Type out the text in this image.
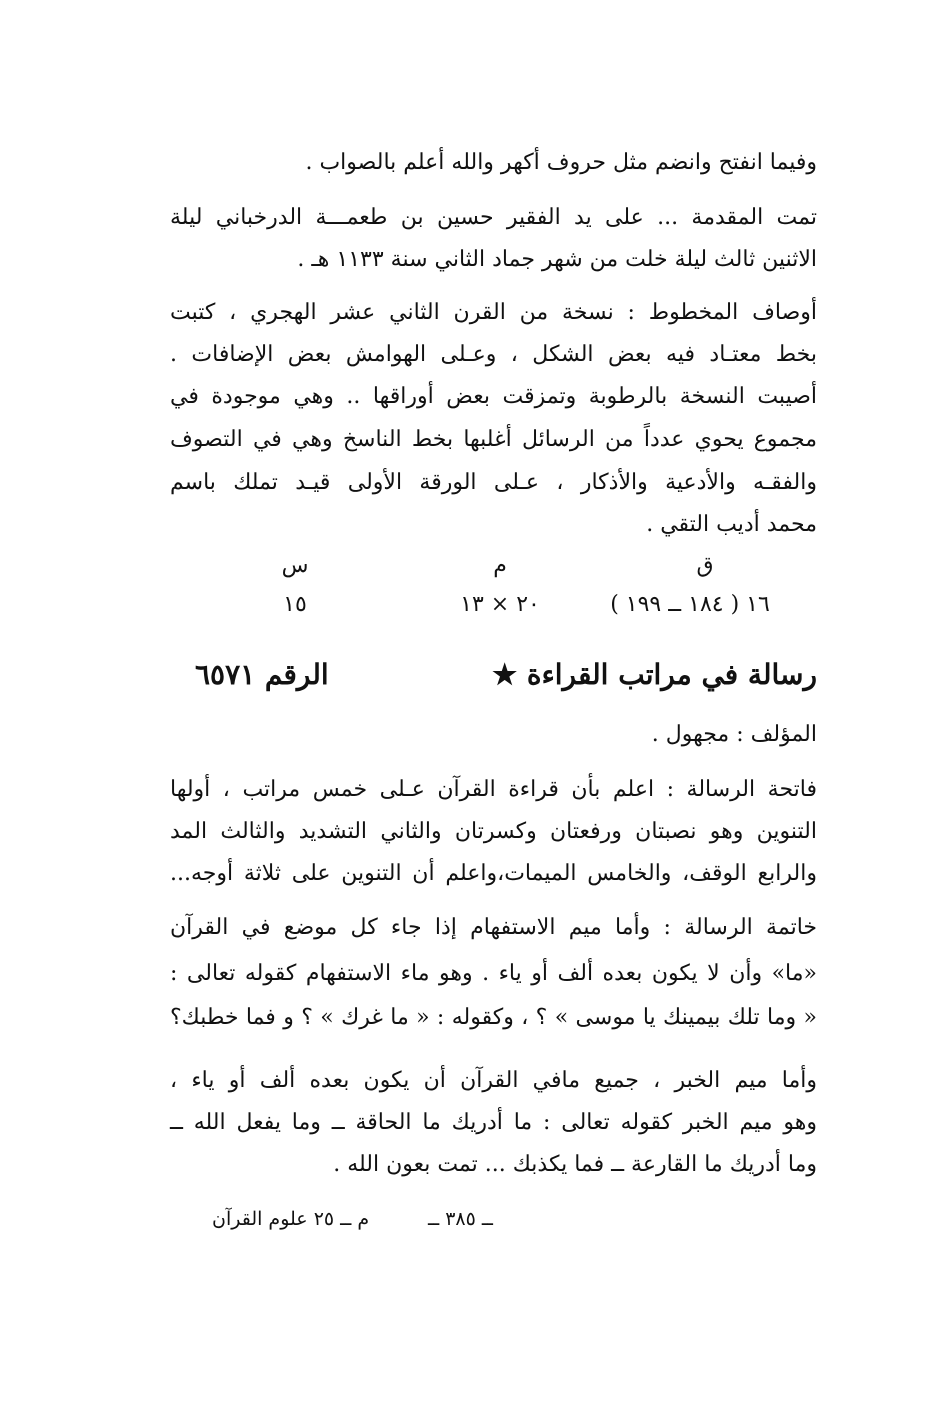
وفيما انفتح وانضم مثل حروف أكهر والله أعلم بالصواب .
تمت المقدمة ... على يد الفقير حسين بن طعمـــة الدرخباني ليلة
الاثنين ثالث ليلة خلت من شهر جماد الثاني سنة ١١٣٣ هـ .
أوصاف المخطوط : نسخة من القرن الثاني عشر الهجري ، كتبت
بخط معتـاد فيه بعض الشكل ، وعـلى الهوامش بعض الإضافات .
أصيبت النسخة بالرطوبة وتمزقت بعض أوراقها .. وهي موجودة في
مجموع يحوي عدداً من الرسائل أغلبها بخط الناسخ وهي في التصوف
والفقـه والأدعية والأذكار ، عـلى الورقة الأولى قيـد تملك باسم
محمد أديب التقي .
ق
١٦ ( ١٨٤ ــ ١٩٩ )
م
٢٠ × ١٣
س
١٥
رسالة في مراتب القراءة ★
الرقم ٦٥٧١
المؤلف : مجهول .
فاتحة الرسالة : اعلم بأن قراءة القرآن عـلى خمس مراتب ، أولها
التنوين وهو نصبتان ورفعتان وكسرتان والثاني التشديد والثالث المد
والرابع الوقف، والخامس الميمات،واعلم أن التنوين على ثلاثة أوجه...
خاتمة الرسالة : وأما ميم الاستفهام إذا جاء كل موضع في القرآن
«ما» وأن لا يكون بعده ألف أو ياء . وهو ماء الاستفهام كقوله تعالى :
« وما تلك بيمينك يا موسى » ؟ ، وكقوله : « ما غرك » ؟ و فما خطبك؟
وأما ميم الخبر ، جميع مافي القرآن أن يكون بعده ألف أو ياء ،
وهو ميم الخبر كقوله تعالى : ما أدريك ما الحاقة ــ وما يفعل الله ــ
وما أدريك ما القارعة ــ فما يكذبك ... تمت بعون الله .
ــ ٣٨٥ ــ
م ــ ٢٥ علوم القرآن
